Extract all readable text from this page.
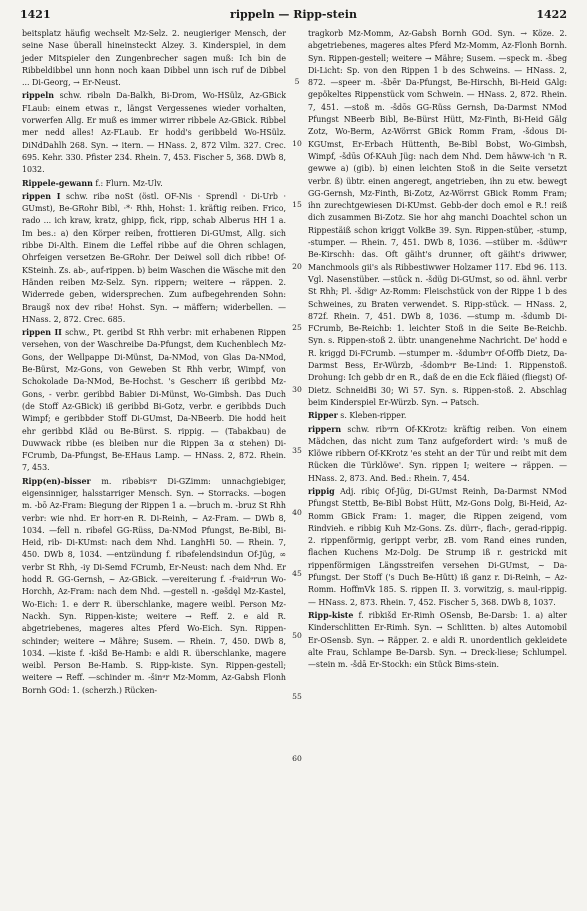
1421	rippeln — Ripp-stein	1422

beitsplatz häufig wechselt Mz-Selz. 2. neugieriger Mensch, der seine Nase überall hineinsteckt Alzey. 3. Kinderspiel, in dem jeder Mitspieler den Zungenbrecher sagen muß: Ich bin de Ribbeldibbel unn honn noch kaan Dibbel unn isch ruf de Dibbel ... Di-Georg, → Er-Neust.

rippeln schw. ribəln Da-Balkh, Bi-Drom, Wo-HSülz, Az-GBick FLaub: einem etwas r., längst Vergessenes wieder vorhalten, vorwerfen Allg. Er muß es immer wirrer ribbele Az-GBick. Ribbel mer nedd alles! Az-FLaub. Er hodd's geribbeld Wo-HSülz. DiNdDahlh 268. Syn. → itern. — HNass. 2, 872 Vilm. 327. Crec. 695. Kehr. 330. Pfister 234. Rhein. 7, 453. Fischer 5, 368. DWb 8, 1032.

Rippele-gewann f.: Flurn. Mz-Ulv.

rippen I schw. ribə noSt (östl. OF-Nis · Sprendl · Di-Urb · GUmst), Be-GRohr Bibl, ·*· Rhh, Hohst: 1. kräftig reiben. Frico, rado ... ich kraw, kratz, ghipp, fick, ripp, schab Alberus HH 1 a. Im bes.: a) den Körper reiben, frottieren Di-GUmst, Allg. sich ribbe Di-Alth. Einem die Leffel ribbe auf die Ohren schlagen, Ohrfeigen versetzen Be-GRohr. Der Deiwel soll dich ribbe! Of-KSteinh. Zs. ab-, auf-rippen. b) beim Waschen die Wäsche mit den Händen reiben Mz-Selz. Syn. rippern; weitere → räppen. 2. Widerrede geben, widersprechen. Zum aufbegehrenden Sohn: Braugš nox dev ribə! Hohst. Syn. → mäffern; widerbellen. — HNass. 2, 872. Crec. 685.

rippen II schw., Pt. geribd St Rhh verbr: mit erhabenen Rippen versehen, von der Waschreibe Da-Pfungst, dem Kuchenblech Mz-Gons, der Wellpappe Di-Münst, Da-NMod, von Glas Da-NMod, Be-Bürst, Mz-Gons, von Geweben St Rhh verbr, Wimpf, von Schokolade Da-NMod, Be-Hochst. 's Gescherr iß geribbd Mz-Gons, - verbr. geribbd Babier Di-Münst, Wo-Gimbsh. Das Duch (de Stoff Az-GBick) iß geribbd Bi-Gotz, verbr. e geribbds Duch Wimpf; e geribbder Stoff Di-GUmst, Da-NBeerb. Die hodd heit ehr geribbd Kläd ou Be-Bürst. S. rippig. — (Tabakbau) de Duwwack ribbe (es bleiben nur die Rippen 3a α stehen) Di-FCrumb, Da-Pfungst, Be-EHaus Lamp. — HNass. 2, 872. Rhein. 7, 453.

Ripp(en)-bisser m. ribəbisᵊr Di-GZimm: unnachgiebiger, eigensinniger, halsstarriger Mensch. Syn. → Storracks. —bogen m. -bō Az-Fram: Biegung der Rippen 1 a. —bruch m. -bruz St Rhh verbr: wie nhd. Er horr-en R. Di-Reinh, ~ Az-Fram. — DWb 8, 1034. —fell n. ribəfel GG-Rüss, Da-NMod Pfungst, Be-Bibl, Bi-Heid, rib- Di-KUmst: nach dem Nhd. LanghHi 50. — Rhein. 7, 450. DWb 8, 1034. —entzündung f. ribəfelendsindun Of-Jüg, ∞ verbr St Rhh, -iy Di-Semd FCrumb, Er-Neust: nach dem Nhd. Er hodd R. GG-Gernsh, ~ Az-GBick. —vereiterung f. -fᵊaidᵊrun Wo-Horchh, Az-Fram: nach dem Nhd. —gestell n. -gəšdęl Mz-Kastel, Wo-Eich: 1. e derr R. überschlanke, magere weibl. Person Mz-Nackh. Syn. Rippen-kiste; weitere → Reff. 2. e ald R. abgetriebenes, mageres altes Pferd Wo-Eich. Syn. Rippen-schinder; weitere → Mähre; Susem. — Rhein. 7, 450. DWb 8, 1034. —kiste f. -kišd Be-Hamb: e aldi R. überschlanke, magere weibl. Person Be-Hamb. S. Ripp-kiste. Syn. Rippen-gestell; weitere → Reff. —schinder m. -šinᵊr Mz-Momm, Az-Gabsh Flonh Bornh GOd: 1. (scherzh.) Rücken-

5
10
15
20
25
30
35
40
45
50
55
60

tragkorb Mz-Momm, Az-Gabsh Bornh GOd. Syn. → Köze. 2. abgetriebenes, mageres altes Pferd Mz-Momm, Az-Flonh Bornh. Syn. Rippen-gestell; weitere → Mähre; Susem. —speck m. -šbeg Di-Licht: Sp. von den Rippen 1 b des Schweins. — HNass. 2, 872. —speer m. -šbēr Da-Pfungst, Be-Hirschh, Bi-Heid GAlg: gepökeltes Rippenstück vom Schwein. — HNass. 2, 872. Rhein. 7, 451. —stoß m. -šdōs GG-Rüss Gernsh, Da-Darmst NMod Pfungst NBeerb Bibl, Be-Bürst Hütt, Mz-Finth, Bi-Heid Gälg Zotz, Wo-Berm, Az-Wörrst GBick Romm Fram, -šdous Di-KGUmst, Er-Erbach Hüttenth, Be-Bibl Bobst, Wo-Gimbsh, Wimpf, -šdūs Of-KAuh Jüg: nach dem Nhd. Dem häww-ich 'n R. gewwe a) (gib). b) einen leichten Stoß in die Seite versetzt verbr. ß) übtr. einen angeregt, angetrieben, ihn zu etw. bewegt GG-Gernsh, Mz-Finth, Bi-Zotz, Az-Wörrst GBick Romm Fram; ihn zurechtgewiesen Di-KUmst. Gebb-der doch emol e R.! reiß dich zusammen Bi-Zotz. Sie hor ahg manchi Doachtel schon un Rippestäiß schon kriggt VolkBe 39. Syn. Rippen-stüber, -stump, -stumper. — Rhein. 7, 451. DWb 8, 1036. —stüber m. -šdüwᵊr Be-Kirschh: das. Oft gäiht's drunner, oft gäiht's driwwer, Manchmools gii's als Ribbestiwwer Holzamer 117. Ebd 96. 113. Vgl. Nasenstüber. —stück n. -šdüg Di-GUmst, so od. ähnl. verbr St Rhh; Pl. -šdigᵊ Az-Romm: Fleischstück von der Rippe 1 b des Schweines, zu Braten verwendet. S. Ripp-stück. — HNass. 2, 872f. Rhein. 7, 451. DWb 8, 1036. —stump m. -šdumb Di-FCrumb, Be-Reichb: 1. leichter Stoß in die Seite Be-Reichb. Syn. s. Rippen-stoß 2. übtr. unangenehme Nachricht. De' hodd e R. kriggd Di-FCrumb. —stumper m. -šdumbᵊr Of-Offb Dietz, Da-Darmst Bess, Er-Würzb, -šdombᵊr Be-Lind: 1. Rippenstoß. Drohung: Ich gebb dr en R., daß de en die Eck fläied (fliegst) Of-Dietz. SchneidBi 30; Wi 57. Syn. s. Rippen-stoß. 2. Abschlag beim Kinderspiel Er-Würzb. Syn. → Patsch.

Ripper s. Kleben-ripper.

rippern schw. ribᵊrn Of-KKrotz: kräftig reiben. Von einem Mädchen, das nicht zum Tanz aufgefordert wird: 's muß de Klöwe ribbern Of-KKrotz 'es steht an der Tür und reibt mit dem Rücken die Türklöwe'. Syn. rippen I; weitere → räppen. — HNass. 2, 873. And. Bed.: Rhein. 7, 454.

rippig Adj. ribiç Of-Jüg, Di-GUmst Reinh, Da-Darmst NMod Pfungst Stettb, Be-Bibl Bobst Hütt, Mz-Gons Dolg, Bi-Heid, Az-Romm GBick Fram: 1. mager, die Rippen zeigend, vom Rindvieh. e ribbig Kuh Mz-Gons. Zs. dürr-, flach-, gerad-rippig. 2. rippenförmig, gerippt verbr, zB. vom Rand eines runden, flachen Kuchens Mz-Dolg. De Strump iß r. gestrickd mit rippenförmigen Längsstreifen versehen Di-GUmst, ~ Da-Pfungst. Der Stoff ('s Duch Be-Hütt) iß ganz r. Di-Reinh, ~ Az-Romm. HoffmVk 185. S. rippen II. 3. vorwitzig, s. maul-rippig. — HNass. 2, 873. Rhein. 7, 452. Fischer 5, 368. DWb 8, 1037.

Ripp-kiste f. ribkišd Er-Rimh OSensb, Be-Darsb: 1. a) alter Kinderschlitten Er-Rimh. Syn. → Schlitten. b) altes Automobil Er-OSensb. Syn. → Räpper. 2. e aldi R. unordentlich gekleidete alte Frau, Schlampe Be-Darsb. Syn. → Dreck-liese; Schlumpel. —stein m. -šdā Er-Stockh: ein Stück Bims-stein.
